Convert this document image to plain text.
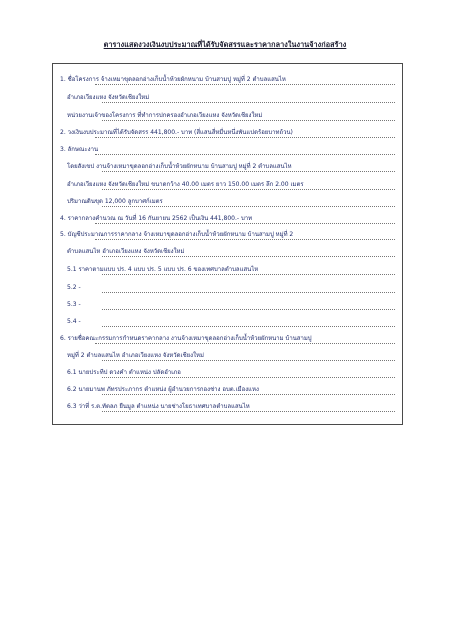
ตารางแสดงวงเงินงบประมาณที่ได้รับจัดสรรและราคากลางในงานจ้างก่อสร้าง
1. ชื่อโครงการ จ้างเหมาขุดลอกอ่างเก็บน้ำห้วยผักหนาม บ้านสามปู หมู่ที่ 2 ตำบลแสนไห
อำเภอเวียงแหง จังหวัดเชียงใหม่
หน่วยงานเจ้าของโครงการ ที่ทำการปกครองอำเภอเวียงแหง จังหวัดเชียงใหม่
2. วงเงินงบประมาณที่ได้รับจัดสรร 441,800.- บาท (สี่แสนสี่หมื่นหนึ่งพันแปดร้อยบาทถ้วน)
3. ลักษณะงาน
โดยสังเขป งานจ้างเหมาขุดลอกอ่างเก็บน้ำห้วยผักหนาม บ้านสามปู หมู่ที่ 2 ตำบลแสนไห
อำเภอเวียงแหง จังหวัดเชียงใหม่ ขนาดกว้าง 40.00 เมตร ยาว 150.00 เมตร ลึก 2.00 เมตร
ปริมาณดินขุด 12,000 ลูกบาศก์เมตร
4. ราคากลางคำนวณ ณ วันที่ 16 กันยายน 2562 เป็นเงิน 441,800.- บาท
5. บัญชีประมาณการราคากลาง จ้างเหมาขุดลอกอ่างเก็บน้ำห้วยผักหนาม บ้านสามปู หมู่ที่ 2
ตำบลแสนไห อำเภอเวียงแหง จังหวัดเชียงใหม่
5.1 ราคาตามแบบ ปร. 4 แบบ ปร. 5 แบบ ปร. 6 ของเทศบาลตำบลแสนไห
5.2 -
5.3 -
5.4 -
6. รายชื่อคณะกรรมการกำหนดราคากลาง งานจ้างเหมาขุดลอกอ่างเก็บน้ำห้วยผักหนาม บ้านสามปู
หมู่ที่ 2 ตำบลแสนไห อำเภอเวียงแหง จังหวัดเชียงใหม่
6.1 นายประทีป ดวงคำ ตำแหน่ง ปลัดอำเภอ
6.2 นายมานพ ภัทรประภากร ตำแหน่ง ผู้อำนวยการกองช่าง อบต.เมืองแหง
6.3 ว่าที่ ร.ต.ทัตลภ ยืนมูล ตำแหน่ง นายช่างโยธาเทศบาลตำบลแสนไห
